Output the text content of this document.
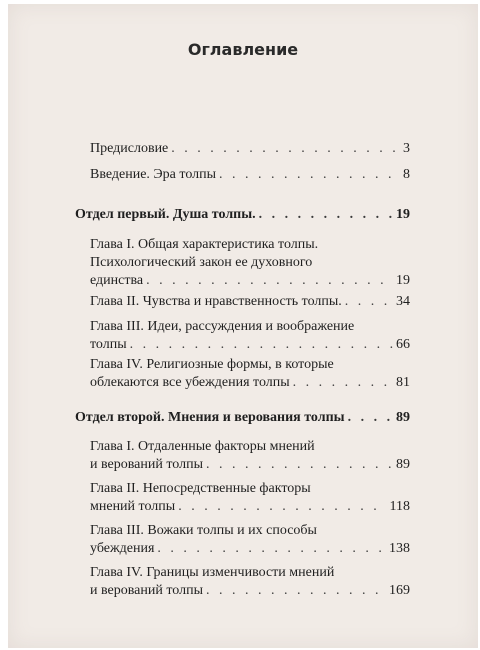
Оглавление
Предисловие . . .	3
Введение. Эра толпы . . .	8
Отдел первый. Душа толпы. . . .	19
Глава I. Общая характеристика толпы.
Психологический закон ее духовного
единства . . .	19
Глава II. Чувства и нравственность толпы. . . .	34
Глава III. Идеи, рассуждения и воображение
толпы . . .	66
Глава IV. Религиозные формы, в которые
облекаются все убеждения толпы . . .	81
Отдел второй. Мнения и верования толпы . . .	89
Глава I. Отдаленные факторы мнений
и верований толпы . . .	89
Глава II. Непосредственные факторы
мнений толпы . . .	118
Глава III. Вожаки толпы и их способы
убеждения . . .	138
Глава IV. Границы изменчивости мнений
и верований толпы . . .	169
